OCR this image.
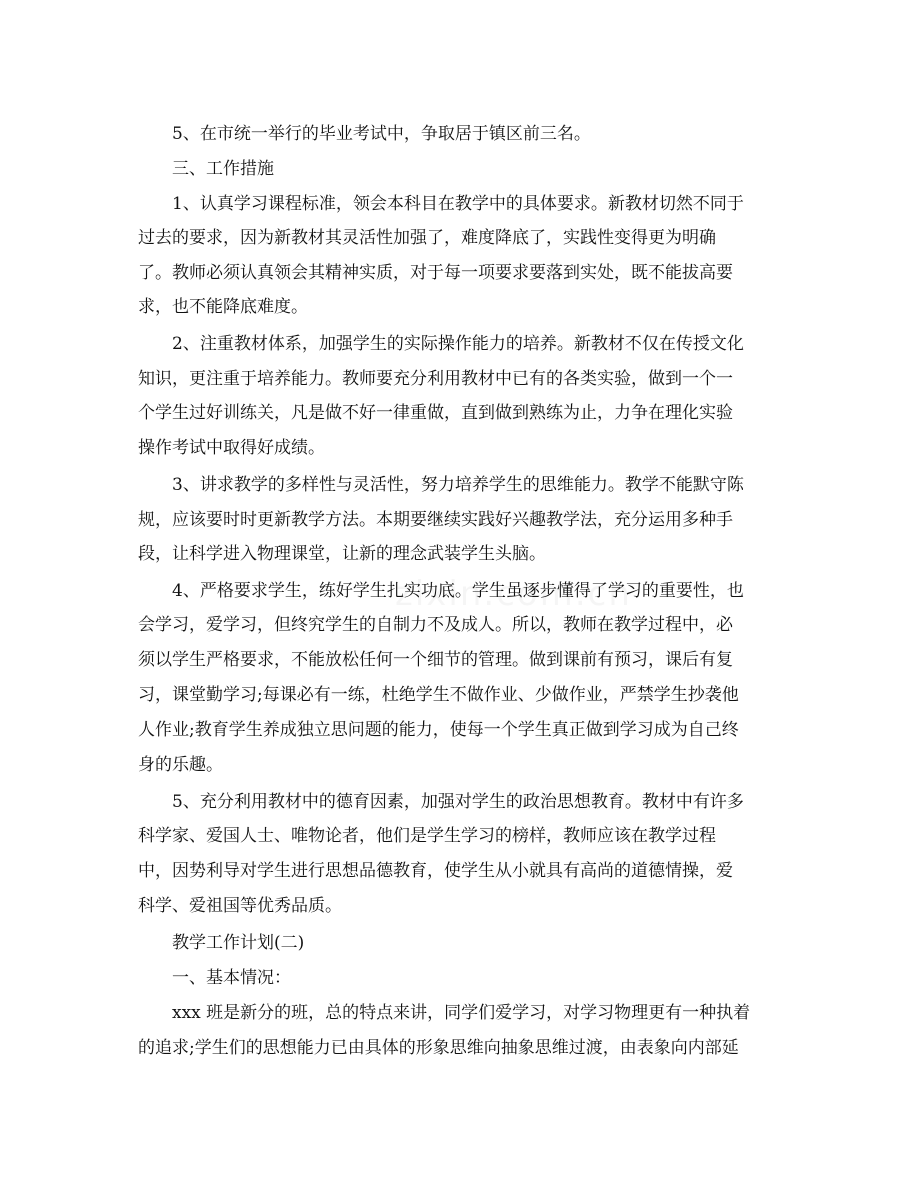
5、在市统一举行的毕业考试中，争取居于镇区前三名。
三、工作措施
1、认真学习课程标准，领会本科目在教学中的具体要求。新教材切然不同于
过去的要求，因为新教材其灵活性加强了，难度降底了，实践性变得更为明确
了。教师必须认真领会其精神实质，对于每一项要求要落到实处，既不能拔高要
求，也不能降底难度。
2、注重教材体系，加强学生的实际操作能力的培养。新教材不仅在传授文化
知识，更注重于培养能力。教师要充分利用教材中已有的各类实验，做到一个一
个学生过好训练关，凡是做不好一律重做，直到做到熟练为止，力争在理化实验
操作考试中取得好成绩。
3、讲求教学的多样性与灵活性，努力培养学生的思维能力。教学不能默守陈
规，应该要时时更新教学方法。本期要继续实践好兴趣教学法，充分运用多种手
段，让科学进入物理课堂，让新的理念武装学生头脑。
4、严格要求学生，练好学生扎实功底。学生虽逐步懂得了学习的重要性，也
会学习，爱学习，但终究学生的自制力不及成人。所以，教师在教学过程中，必
须以学生严格要求，不能放松任何一个细节的管理。做到课前有预习，课后有复
习，课堂勤学习;每课必有一练，杜绝学生不做作业、少做作业，严禁学生抄袭他
人作业;教育学生养成独立思问题的能力，使每一个学生真正做到学习成为自己终
身的乐趣。
5、充分利用教材中的德育因素，加强对学生的政治思想教育。教材中有许多
科学家、爱国人士、唯物论者，他们是学生学习的榜样，教师应该在教学过程
中，因势利导对学生进行思想品德教育，使学生从小就具有高尚的道德情操，爱
科学、爱祖国等优秀品质。
教学工作计划(二)
一、基本情况：
xxx 班是新分的班，总的特点来讲，同学们爱学习，对学习物理更有一种执着
的追求;学生们的思想能力已由具体的形象思维向抽象思维过渡，由表象向内部延
